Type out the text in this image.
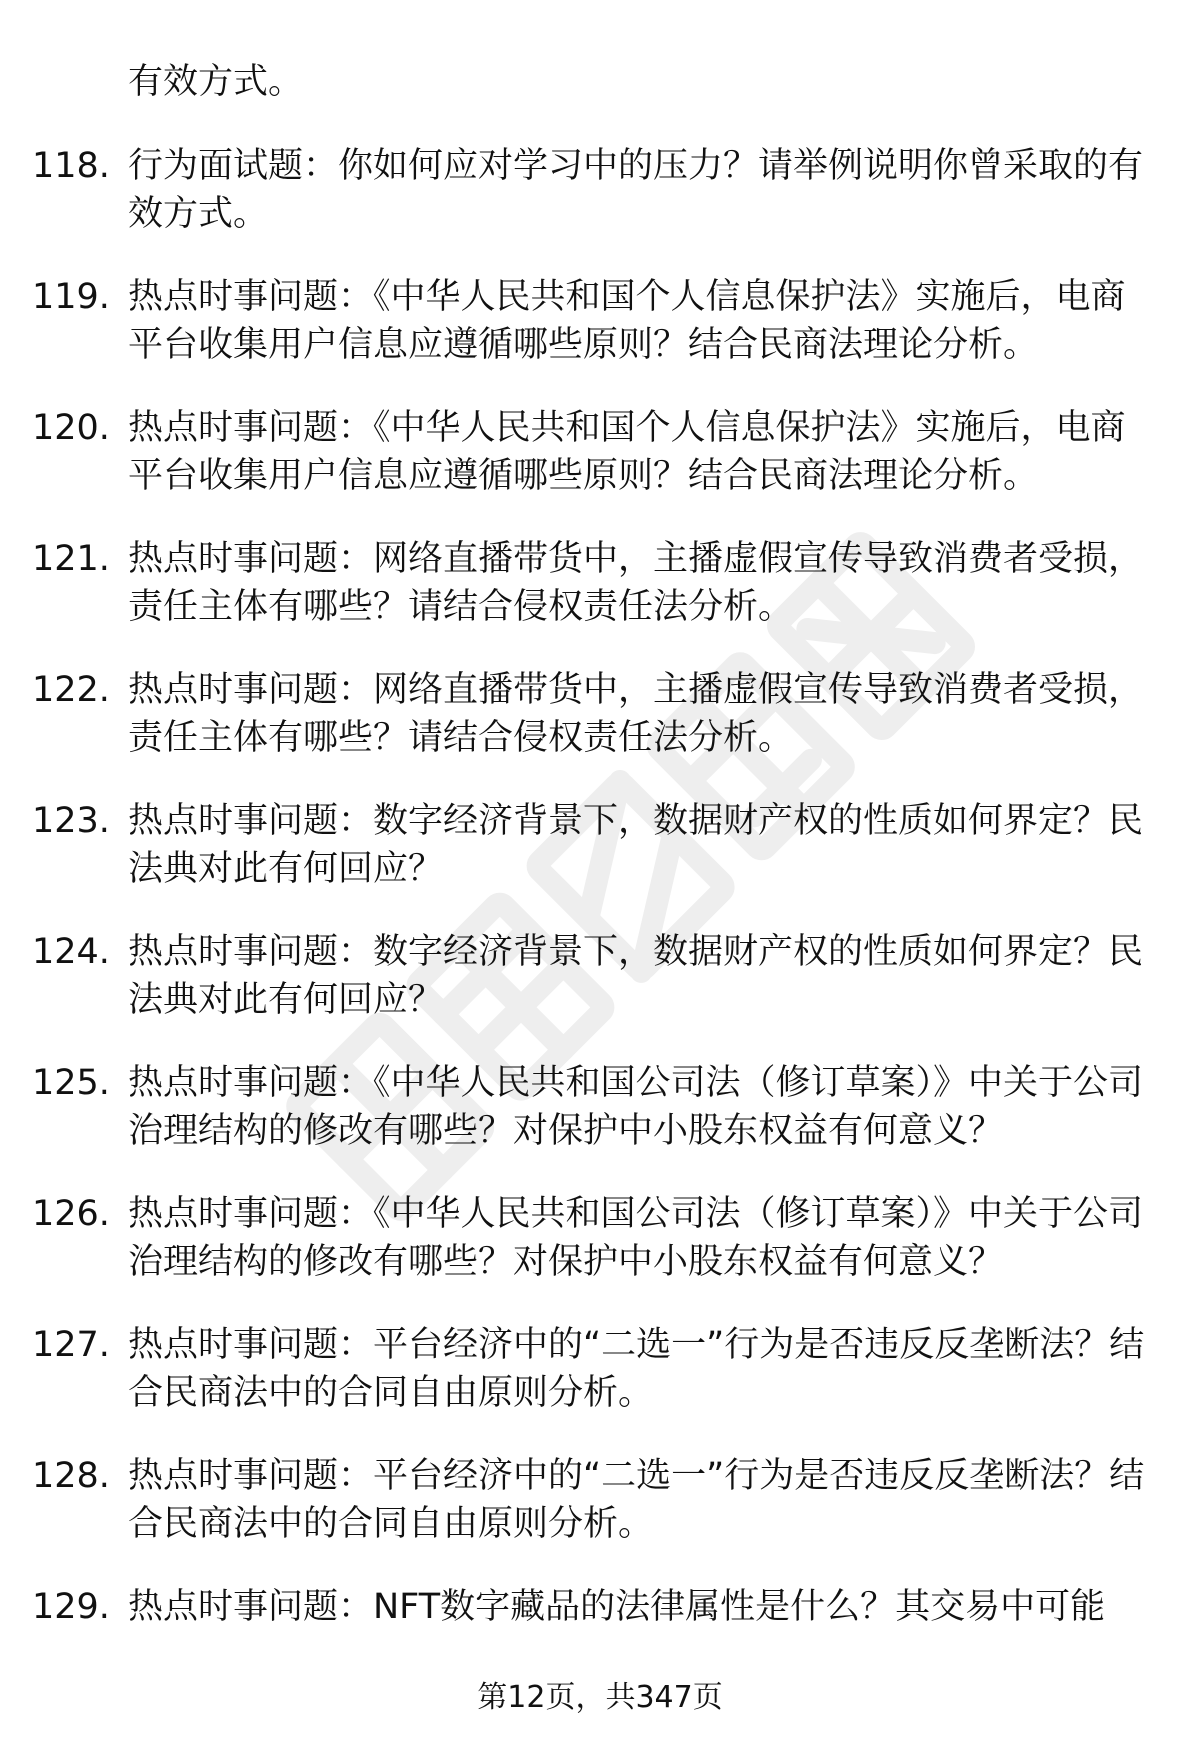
有效方式。

118. 行为面试题：你如何应对学习中的压力？请举例说明你曾采取的有效方式。

119. 热点时事问题：《中华人民共和国个人信息保护法》实施后，电商平台收集用户信息应遵循哪些原则？结合民商法理论分析。

120. 热点时事问题：《中华人民共和国个人信息保护法》实施后，电商平台收集用户信息应遵循哪些原则？结合民商法理论分析。

121. 热点时事问题：网络直播带货中，主播虚假宣传导致消费者受损，责任主体有哪些？请结合侵权责任法分析。

122. 热点时事问题：网络直播带货中，主播虚假宣传导致消费者受损，责任主体有哪些？请结合侵权责任法分析。

123. 热点时事问题：数字经济背景下，数据财产权的性质如何界定？民法典对此有何回应？

124. 热点时事问题：数字经济背景下，数据财产权的性质如何界定？民法典对此有何回应？

125. 热点时事问题：《中华人民共和国公司法（修订草案）》中关于公司治理结构的修改有哪些？对保护中小股东权益有何意义？

126. 热点时事问题：《中华人民共和国公司法（修订草案）》中关于公司治理结构的修改有哪些？对保护中小股东权益有何意义？

127. 热点时事问题：平台经济中的“二选一”行为是否违反反垄断法？结合民商法中的合同自由原则分析。

128. 热点时事问题：平台经济中的“二选一”行为是否违反反垄断法？结合民商法中的合同自由原则分析。

129. 热点时事问题：NFT数字藏品的法律属性是什么？其交易中可能

第12页，共347页
